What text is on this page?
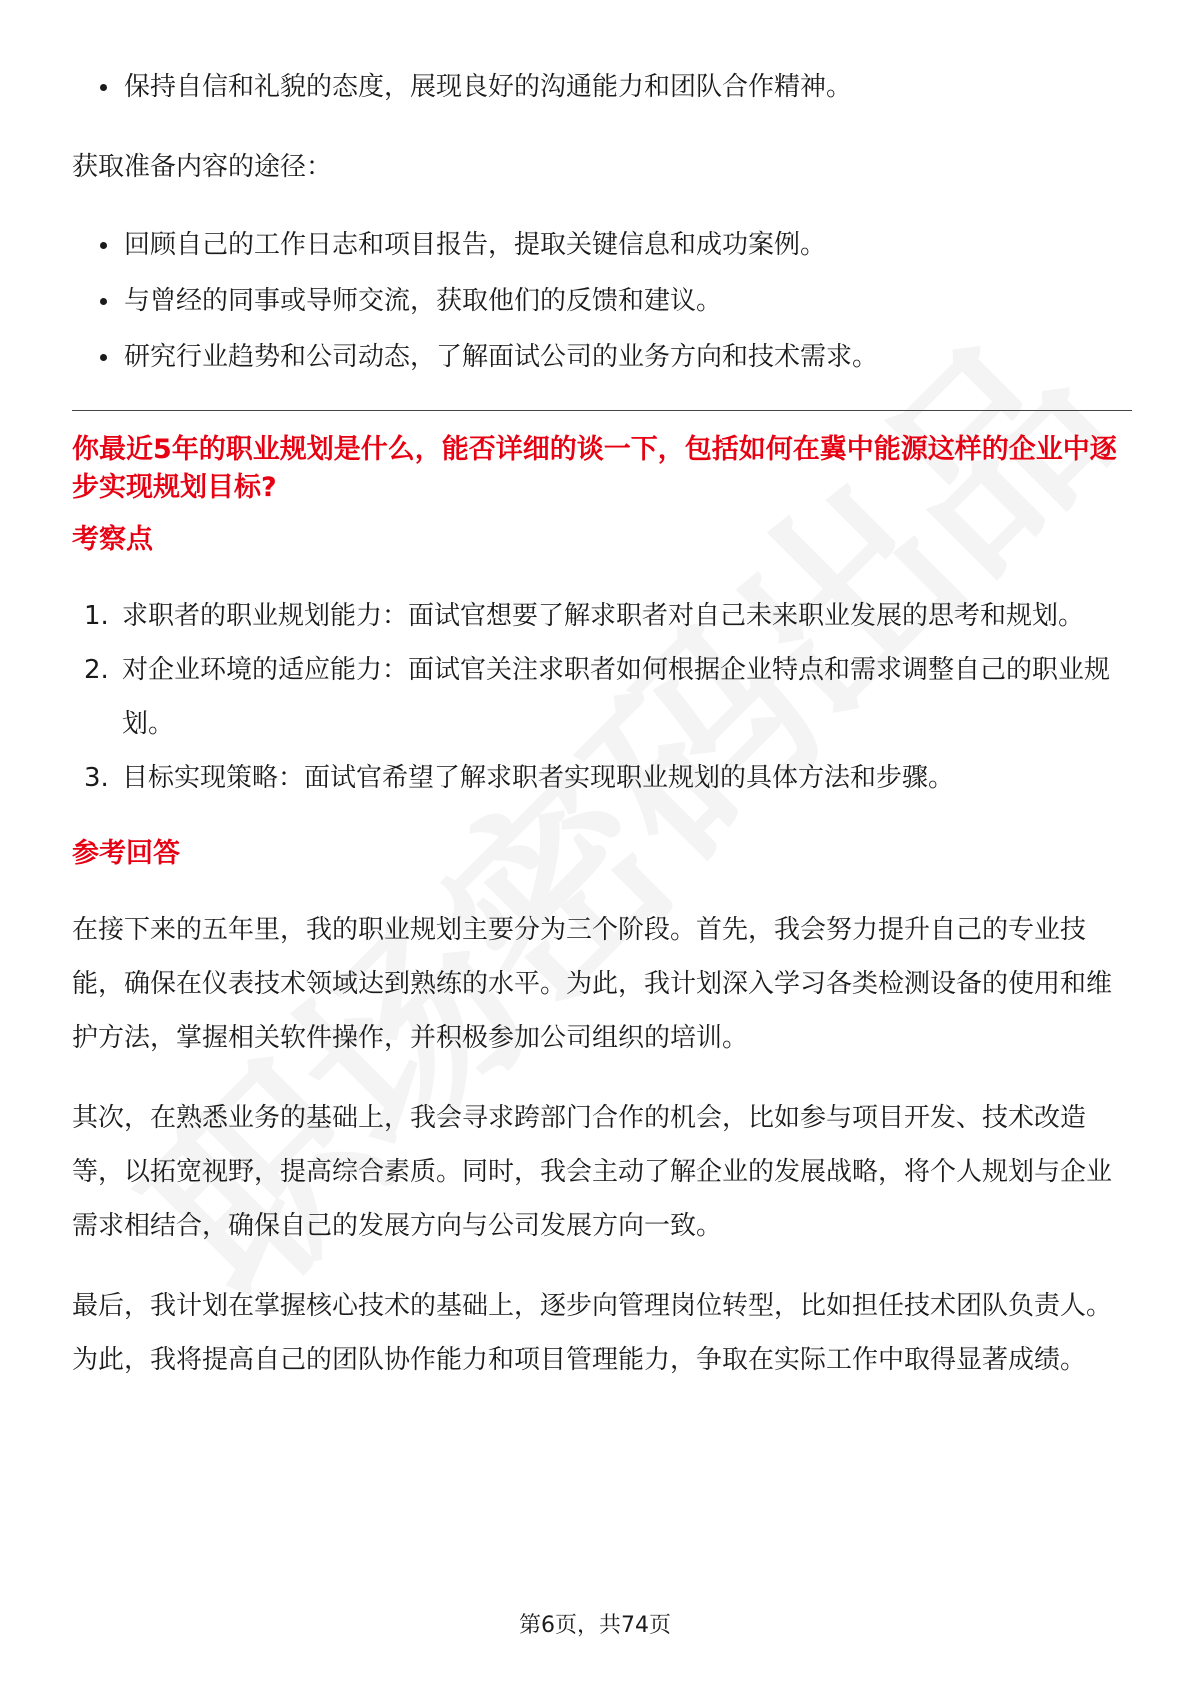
保持自信和礼貌的态度，展现良好的沟通能力和团队合作精神。

获取准备内容的途径：

回顾自己的工作日志和项目报告，提取关键信息和成功案例。
与曾经的同事或导师交流，获取他们的反馈和建议。
研究行业趋势和公司动态，了解面试公司的业务方向和技术需求。
你最近5年的职业规划是什么，能否详细的谈一下，包括如何在冀中能源这样的企业中逐步实现规划目标?
考察点
1. 求职者的职业规划能力：面试官想要了解求职者对自己未来职业发展的思考和规划。
2. 对企业环境的适应能力：面试官关注求职者如何根据企业特点和需求调整自己的职业规划。
3. 目标实现策略：面试官希望了解求职者实现职业规划的具体方法和步骤。
参考回答

在接下来的五年里，我的职业规划主要分为三个阶段。首先，我会努力提升自己的专业技能，确保在仪表技术领域达到熟练的水平。为此，我计划深入学习各类检测设备的使用和维护方法，掌握相关软件操作，并积极参加公司组织的培训。

其次，在熟悉业务的基础上，我会寻求跨部门合作的机会，比如参与项目开发、技术改造等，以拓宽视野，提高综合素质。同时，我会主动了解企业的发展战略，将个人规划与企业需求相结合，确保自己的发展方向与公司发展方向一致。

最后，我计划在掌握核心技术的基础上，逐步向管理岗位转型，比如担任技术团队负责人。为此，我将提高自己的团队协作能力和项目管理能力，争取在实际工作中取得显著成绩。

第6页，共74页
